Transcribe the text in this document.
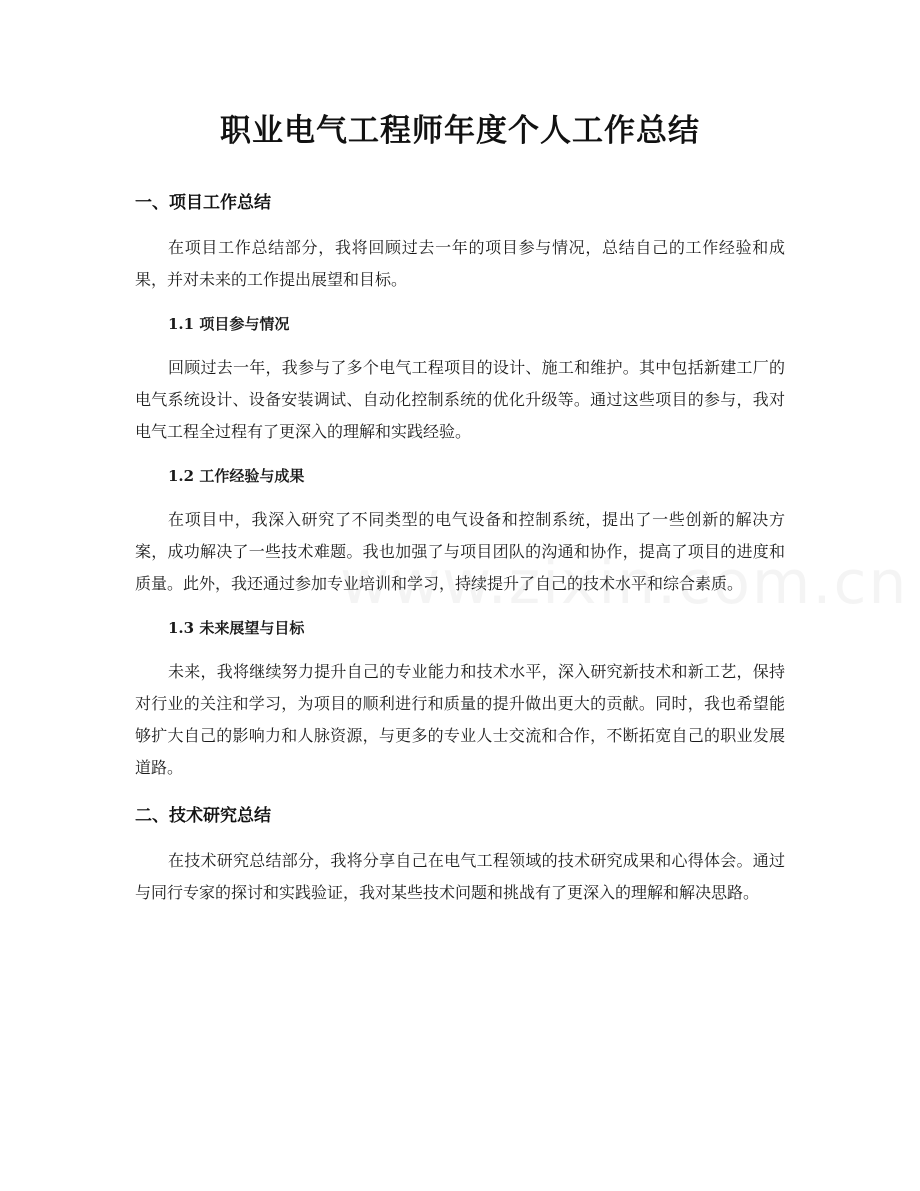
职业电气工程师年度个人工作总结
一、项目工作总结

在项目工作总结部分，我将回顾过去一年的项目参与情况，总结自己的工作经验和成果，并对未来的工作提出展望和目标。

1.1 项目参与情况

回顾过去一年，我参与了多个电气工程项目的设计、施工和维护。其中包括新建工厂的电气系统设计、设备安装调试、自动化控制系统的优化升级等。通过这些项目的参与，我对电气工程全过程有了更深入的理解和实践经验。

1.2 工作经验与成果

在项目中，我深入研究了不同类型的电气设备和控制系统，提出了一些创新的解决方案，成功解决了一些技术难题。我也加强了与项目团队的沟通和协作，提高了项目的进度和质量。此外，我还通过参加专业培训和学习，持续提升了自己的技术水平和综合素质。

1.3 未来展望与目标

未来，我将继续努力提升自己的专业能力和技术水平，深入研究新技术和新工艺，保持对行业的关注和学习，为项目的顺利进行和质量的提升做出更大的贡献。同时，我也希望能够扩大自己的影响力和人脉资源，与更多的专业人士交流和合作，不断拓宽自己的职业发展道路。

二、技术研究总结

在技术研究总结部分，我将分享自己在电气工程领域的技术研究成果和心得体会。通过与同行专家的探讨和实践验证，我对某些技术问题和挑战有了更深入的理解和解决思路。
